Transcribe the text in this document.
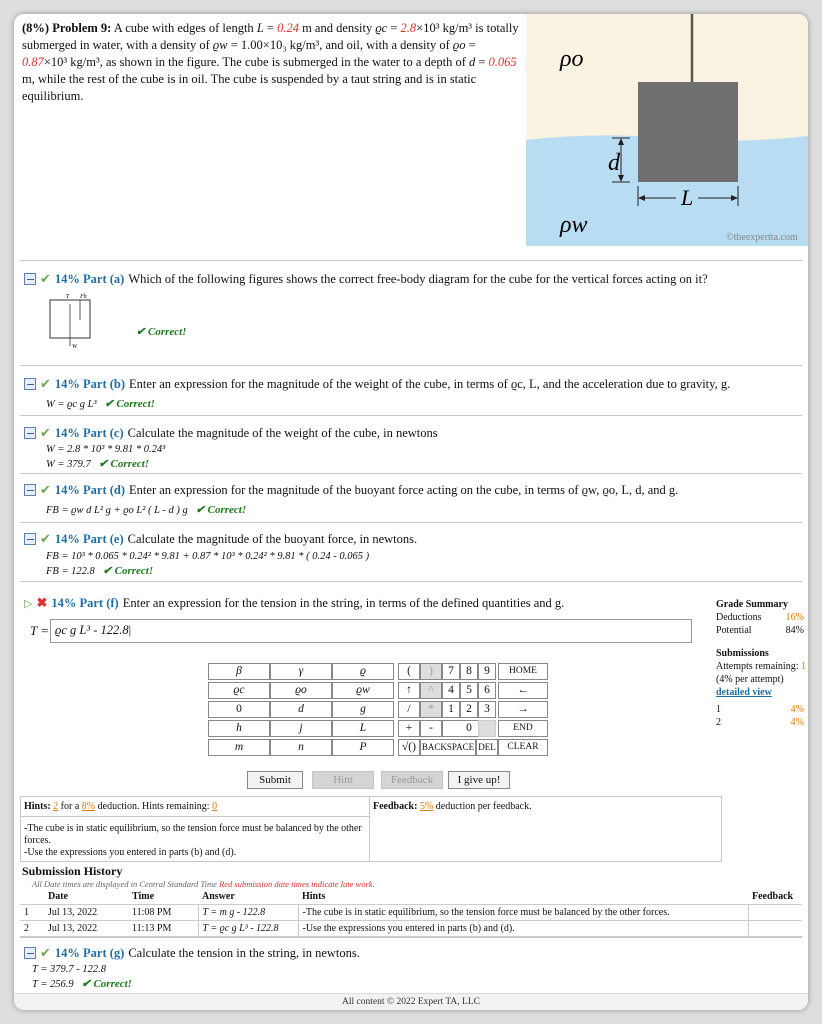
(8%) Problem 9: A cube with edges of length L = 0.24 m and density ϱc = 2.8×10³ kg/m³ is totally submerged in water, with a density of ϱw = 1.00×10₃ kg/m³, and oil, with a density of ϱo = 0.87×10³ kg/m³, as shown in the figure. The cube is submerged in the water to a depth of d = 0.065 m, while the rest of the cube is in oil. The cube is suspended by a taut string and is in static equilibrium.
ρo
d
L
ρw	©theexpertta.com
✔ 14% Part (a) Which of the following figures shows the correct free-body diagram for the cube for the vertical forces acting on it?
T Fb
W
✔ Correct!
✔ 14% Part (b) Enter an expression for the magnitude of the weight of the cube, in terms of ϱc, L, and the acceleration due to gravity, g.
W = ϱc g L³ ✔ Correct!
✔ 14% Part (c) Calculate the magnitude of the weight of the cube, in newtons
W = 2.8 * 10³ * 9.81 * 0.24³
W = 379.7 ✔ Correct!
✔ 14% Part (d) Enter an expression for the magnitude of the buoyant force acting on the cube, in terms of ϱw, ϱo, L, d, and g.
FB = ϱw d L² g + ϱo L² ( L - d ) g ✔ Correct!
✔ 14% Part (e) Calculate the magnitude of the buoyant force, in newtons.
FB = 10³ * 0.065 * 0.24² * 9.81 + 0.87 * 10³ * 0.24² * 9.81 * ( 0.24 - 0.065 )
FB = 122.8 ✔ Correct!
▷ ✖ 14% Part (f) Enter an expression for the tension in the string, in terms of the defined quantities and g.
T = ϱc g L³ - 122.8|
Grade Summary
Deductions 16%
Potential	84%
Submissions
Attempts remaining: 1
(4% per attempt)
detailed view
1	4%
2	4%
β	γ	ϱ
ϱc	ϱo	ϱw
0	d	g
h	j	L
m	n	P
(	)
↑	^
/	*
+	-
√()
7	8	9
4	5	6
1	2	3
0
HOME
←
→
END
BACKSPACE DEL	CLEAR
Submit	Hint	Feedback	I give up!
Hints: 2 for a 8% deduction. Hints remaining: 0
-The cube is in static equilibrium, so the tension force must be balanced by the other forces.
-Use the expressions you entered in parts (b) and (d).
Feedback: 5% deduction per feedback.
Submission History
All Date times are displayed in Central Standard Time Red submission date times indicate late work.
	Date	Time	Answer	Hints	Feedback
1	Jul 13, 2022	11:08 PM	T = m g - 122.8	-The cube is in static equilibrium, so the tension force must be balanced by the other forces.	
2	Jul 13, 2022	11:13 PM	T = ϱc g L³ - 122.8	-Use the expressions you entered in parts (b) and (d).	
✔ 14% Part (g) Calculate the tension in the string, in newtons.
T = 379.7 - 122.8
T = 256.9 ✔ Correct!
All content © 2022 Expert TA, LLC
